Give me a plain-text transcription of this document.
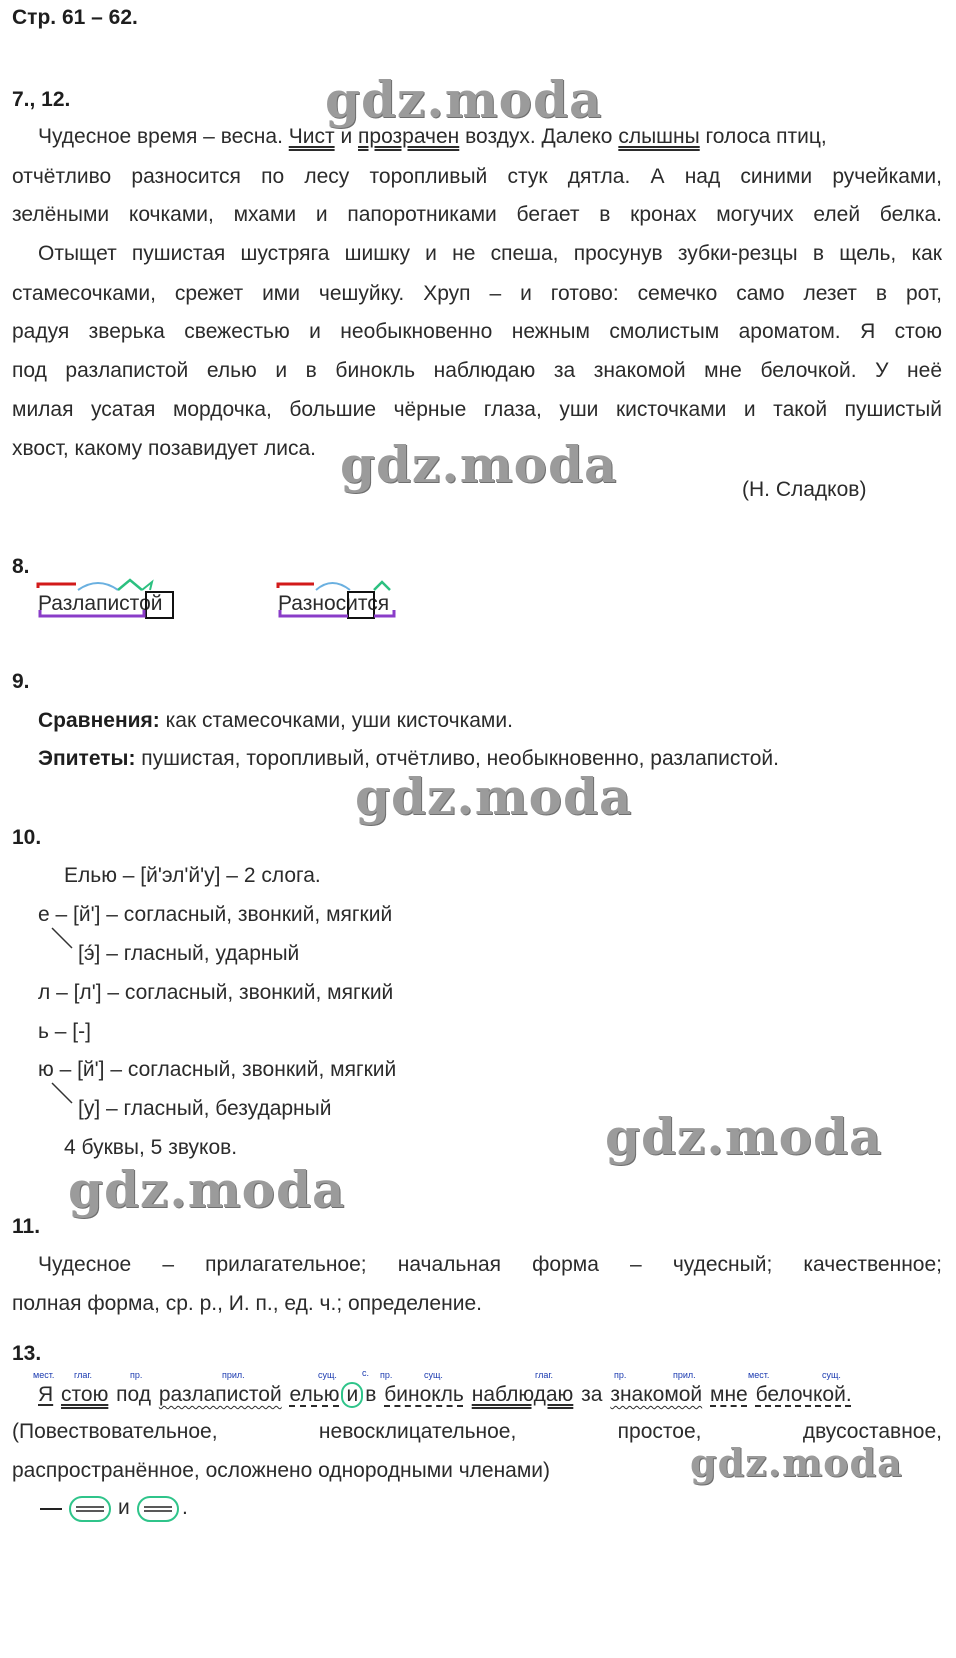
Стр. 61 – 62.
gdz.moda
gdz.moda
gdz.moda
gdz.moda
gdz.moda
gdz.moda
7., 12.
Чудесное время – весна. Чист и прозрачен воздух. Далеко слышны голоса птиц,
отчётливо разносится по лесу торопливый стук дятла. А над синими ручейками,
зелёными кочками, мхами и папоротниками бегает в кронах могучих елей белка.
Отыщет пушистая шустряга шишку и не спеша, просунув зубки-резцы в щель, как
стамесочками, срежет ими чешуйку. Хруп – и готово: семечко само лезет в рот,
радуя зверька свежестью и необыкновенно нежным смолистым ароматом. Я стою
под разлапистой елью и в бинокль наблюдаю за знакомой мне белочкой. У неё
милая усатая мордочка, большие чёрные глаза, уши кисточками и такой пушистый
хвост, какому позавидует лиса.
(Н. Сладков)
8.
Разлапистой	Разносится
9.
Сравнения: как стамесочками, уши кисточками.
Эпитеты: пушистая, торопливый, отчётливо, необыкновенно, разлапистой.
10.
Елью – [й'эл'й'у] – 2 слога.
е – [й'] – согласный, звонкий, мягкий
[э́] – гласный, ударный
л – [л'] – согласный, звонкий, мягкий
ь – [-]
ю – [й'] – согласный, звонкий, мягкий
[у] – гласный, безударный
4 буквы, 5 звуков.
11.
Чудесное – прилагательное; начальная форма – чудесный; качественное;
полная форма, ср. р., И. п., ед. ч.; определение.
13.
мест. глаг.	пр.	прил.	сущ.	с. пр.	сущ.	глаг.	пр.	прил.	мест.	сущ.
Я стою под разлапистой елью и в бинокль наблюдаю за знакомой мне белочкой.
(Повествовательное, невосклицательное, простое, двусоставное,
распространённое, осложнено однородными членами)
и .
